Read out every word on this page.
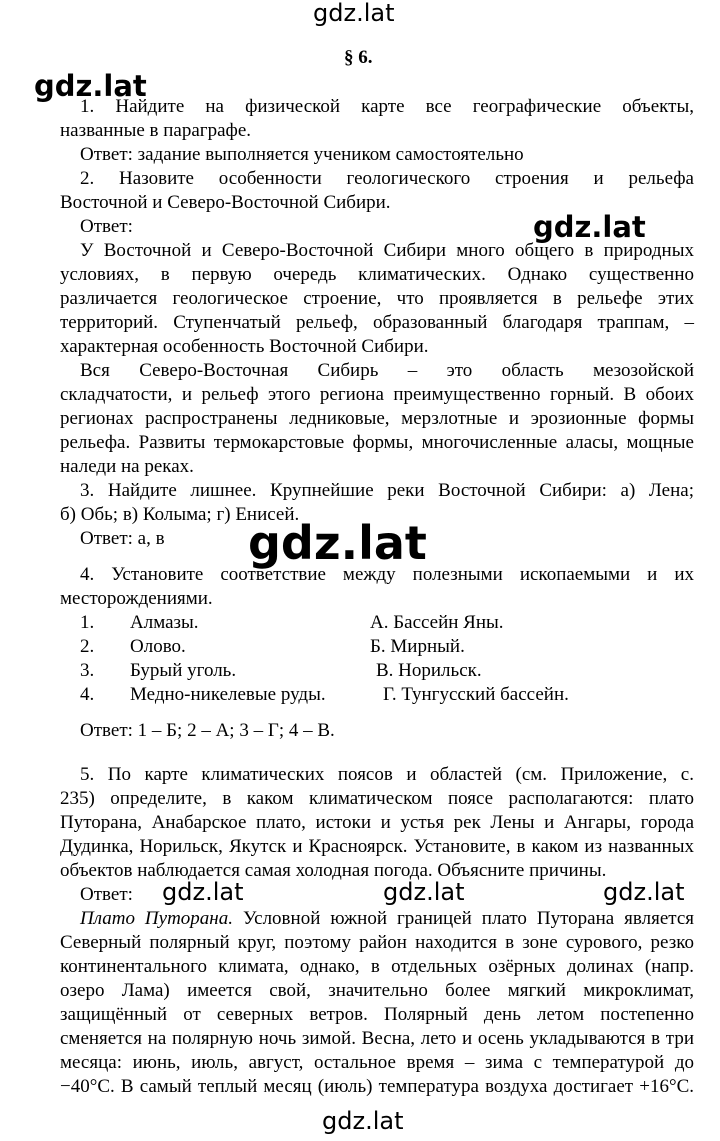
gdz.lat
gdz.lat
§ 6.
1. Найдите на физической карте все географические объекты,
названные в параграфе.
Ответ: задание выполняется учеником самостоятельно
2. Назовите особенности геологического строения и рельефа
Восточной и Северо-Восточной Сибири.
Ответ:	gdz.lat
У Восточной и Северо-Восточной Сибири много общего в природных
условиях, в первую очередь климатических. Однако существенно
различается геологическое строение, что проявляется в рельефе этих
территорий. Ступенчатый рельеф, образованный благодаря траппам, –
характерная особенность Восточной Сибири.
Вся Северо-Восточная Сибирь – это область мезозойской
складчатости, и рельеф этого региона преимущественно горный. В обоих
регионах распространены ледниковые, мерзлотные и эрозионные формы
рельефа. Развиты термокарстовые формы, многочисленные аласы, мощные
наледи на реках.
3. Найдите лишнее. Крупнейшие реки Восточной Сибири: а) Лена;
б) Обь; в) Колыма; г) Енисей.
Ответ: а, в gdz.lat
4. Установите соответствие между полезными ископаемыми и их
месторождениями.
1. Алмазы.	А. Бассейн Яны.
2. Олово.	Б. Мирный.
3. Бурый уголь.	В. Норильск.
4. Медно-никелевые руды.	Г. Тунгусский бассейн.
Ответ: 1 – Б; 2 – А; 3 – Г; 4 – В.
5. По карте климатических поясов и областей (см. Приложение, с.
235) определите, в каком климатическом поясе располагаются: плато
Путорана, Анабарское плато, истоки и устья рек Лены и Ангары, города
Дудинка, Норильск, Якутск и Красноярск. Установите, в каком из названных
объектов наблюдается самая холодная погода. Объясните причины.
Ответ: gdz.lat	gdz.lat	gdz.lat
Плато Путорана. Условной южной границей плато Путорана является
Северный полярный круг, поэтому район находится в зоне сурового, резко
континентального климата, однако, в отдельных озёрных долинах (напр.
озеро Лама) имеется свой, значительно более мягкий микроклимат,
защищённый от северных ветров. Полярный день летом постепенно
сменяется на полярную ночь зимой. Весна, лето и осень укладываются в три
месяца: июнь, июль, август, остальное время – зима с температурой до
−40°С. В самый теплый месяц (июль) температура воздуха достигает +16°С.
gdz.lat
